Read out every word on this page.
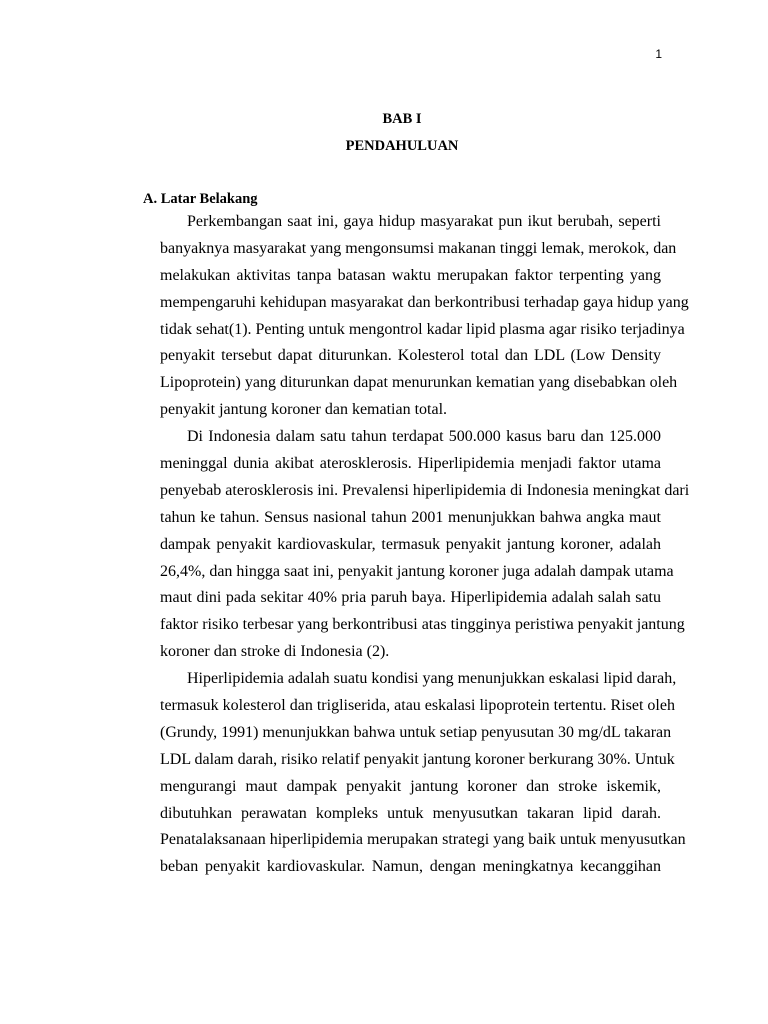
1
BAB I
PENDAHULUAN
A. Latar Belakang
Perkembangan saat ini, gaya hidup masyarakat pun ikut berubah, seperti
banyaknya masyarakat yang mengonsumsi makanan tinggi lemak, merokok, dan
melakukan aktivitas tanpa batasan waktu merupakan faktor terpenting yang
mempengaruhi kehidupan masyarakat dan berkontribusi terhadap gaya hidup yang
tidak sehat(1). Penting untuk mengontrol kadar lipid plasma agar risiko terjadinya
penyakit tersebut dapat diturunkan. Kolesterol total dan LDL (Low Density
Lipoprotein) yang diturunkan dapat menurunkan kematian yang disebabkan oleh
penyakit jantung koroner dan kematian total.
Di Indonesia dalam satu tahun terdapat 500.000 kasus baru dan 125.000
meninggal dunia akibat aterosklerosis. Hiperlipidemia menjadi faktor utama
penyebab aterosklerosis ini. Prevalensi hiperlipidemia di Indonesia meningkat dari
tahun ke tahun. Sensus nasional tahun 2001 menunjukkan bahwa angka maut
dampak penyakit kardiovaskular, termasuk penyakit jantung koroner, adalah
26,4%, dan hingga saat ini, penyakit jantung koroner juga adalah dampak utama
maut dini pada sekitar 40% pria paruh baya. Hiperlipidemia adalah salah satu
faktor risiko terbesar yang berkontribusi atas tingginya peristiwa penyakit jantung
koroner dan stroke di Indonesia (2).
Hiperlipidemia adalah suatu kondisi yang menunjukkan eskalasi lipid darah,
termasuk kolesterol dan trigliserida, atau eskalasi lipoprotein tertentu. Riset oleh
(Grundy, 1991) menunjukkan bahwa untuk setiap penyusutan 30 mg/dL takaran
LDL dalam darah, risiko relatif penyakit jantung koroner berkurang 30%. Untuk
mengurangi maut dampak penyakit jantung koroner dan stroke iskemik,
dibutuhkan perawatan kompleks untuk menyusutkan takaran lipid darah.
Penatalaksanaan hiperlipidemia merupakan strategi yang baik untuk menyusutkan
beban penyakit kardiovaskular. Namun, dengan meningkatnya kecanggihan
